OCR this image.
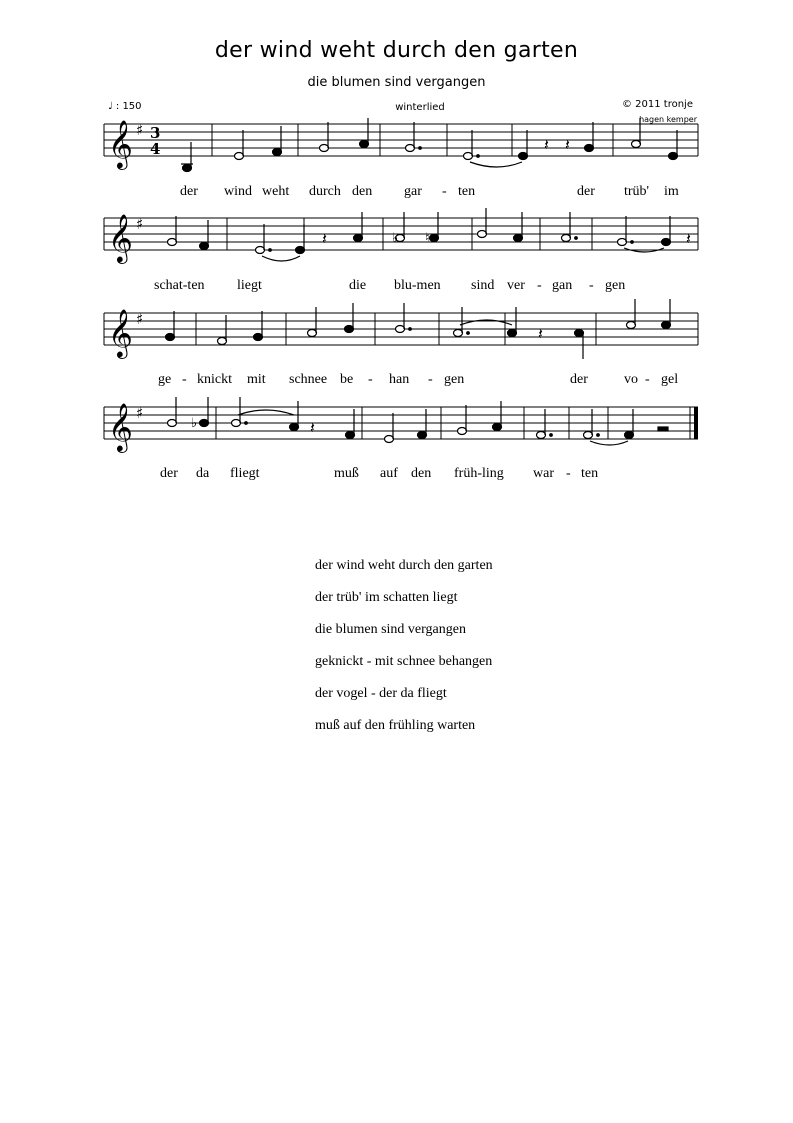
der wind weht durch den garten
die blumen sind vergangen
♩ : 150	winterlied	© 2011 tronje
hagen kemper
𝄞 ♯ 3
4	𝄽 𝄽
der wind weht durch den gar - ten	der trüb' im
𝄞 ♯
♭ ♮
𝄽	𝄽
schat-ten liegt	die blu-men sind ver - gan - gen
𝄞 ♯
𝄽
ge - knickt mit schnee be - han - gen	der	vo - gel
𝄞 ♯
♭	𝄽
der da fliegt	muß auf den früh-ling war - ten
der wind weht durch den garten
der trüb' im schatten liegt
die blumen sind vergangen
geknickt - mit schnee behangen
der vogel - der da fliegt
muß auf den frühling warten
